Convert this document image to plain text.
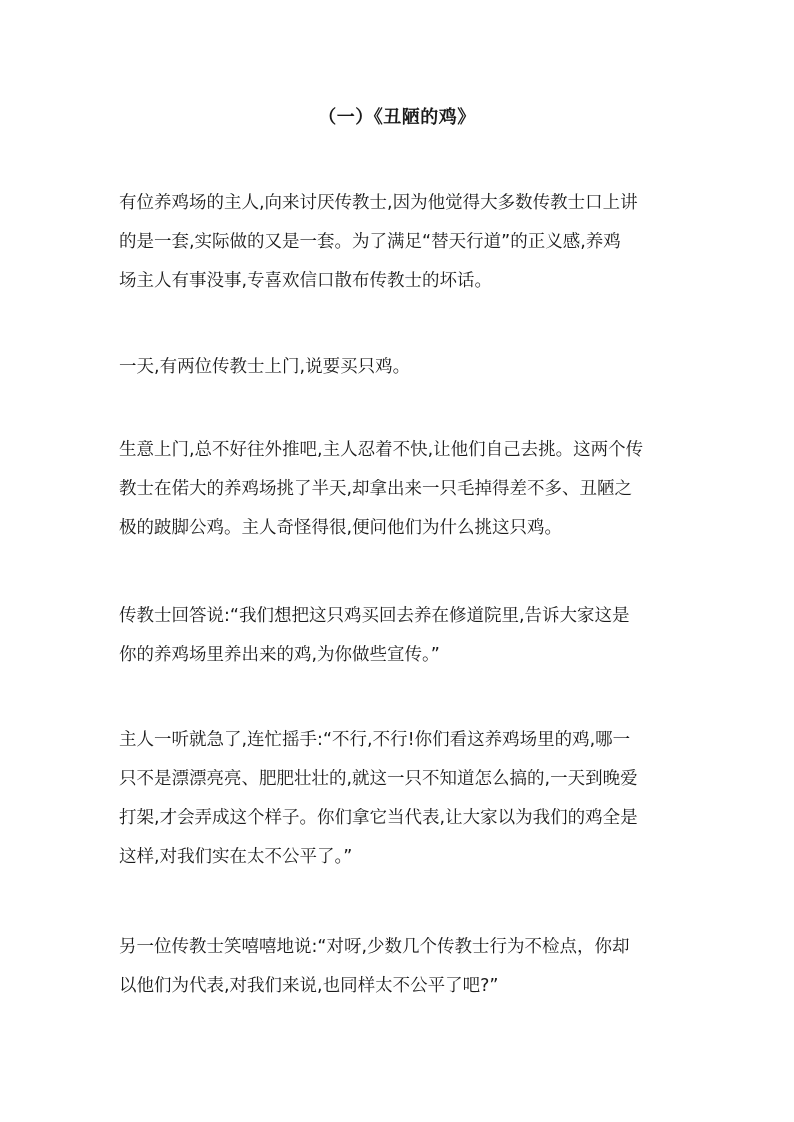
（一）《丑陋的鸡》

有位养鸡场的主人,向来讨厌传教士,因为他觉得大多数传教士口上讲
的是一套,实际做的又是一套。为了满足“替天行道”的正义感,养鸡
场主人有事没事,专喜欢信口散布传教士的坏话。

一天,有两位传教士上门,说要买只鸡。

生意上门,总不好往外推吧,主人忍着不快,让他们自己去挑。这两个传
教士在偌大的养鸡场挑了半天,却拿出来一只毛掉得差不多、丑陋之
极的跛脚公鸡。主人奇怪得很,便问他们为什么挑这只鸡。

传教士回答说:“我们想把这只鸡买回去养在修道院里,告诉大家这是
你的养鸡场里养出来的鸡,为你做些宣传。”

主人一听就急了,连忙摇手:“不行,不行!你们看这养鸡场里的鸡,哪一
只不是漂漂亮亮、肥肥壮壮的,就这一只不知道怎么搞的,一天到晚爱
打架,才会弄成这个样子。你们拿它当代表,让大家以为我们的鸡全是
这样,对我们实在太不公平了。”

另一位传教士笑嘻嘻地说:“对呀,少数几个传教士行为不检点，你却
以他们为代表,对我们来说,也同样太不公平了吧?”
